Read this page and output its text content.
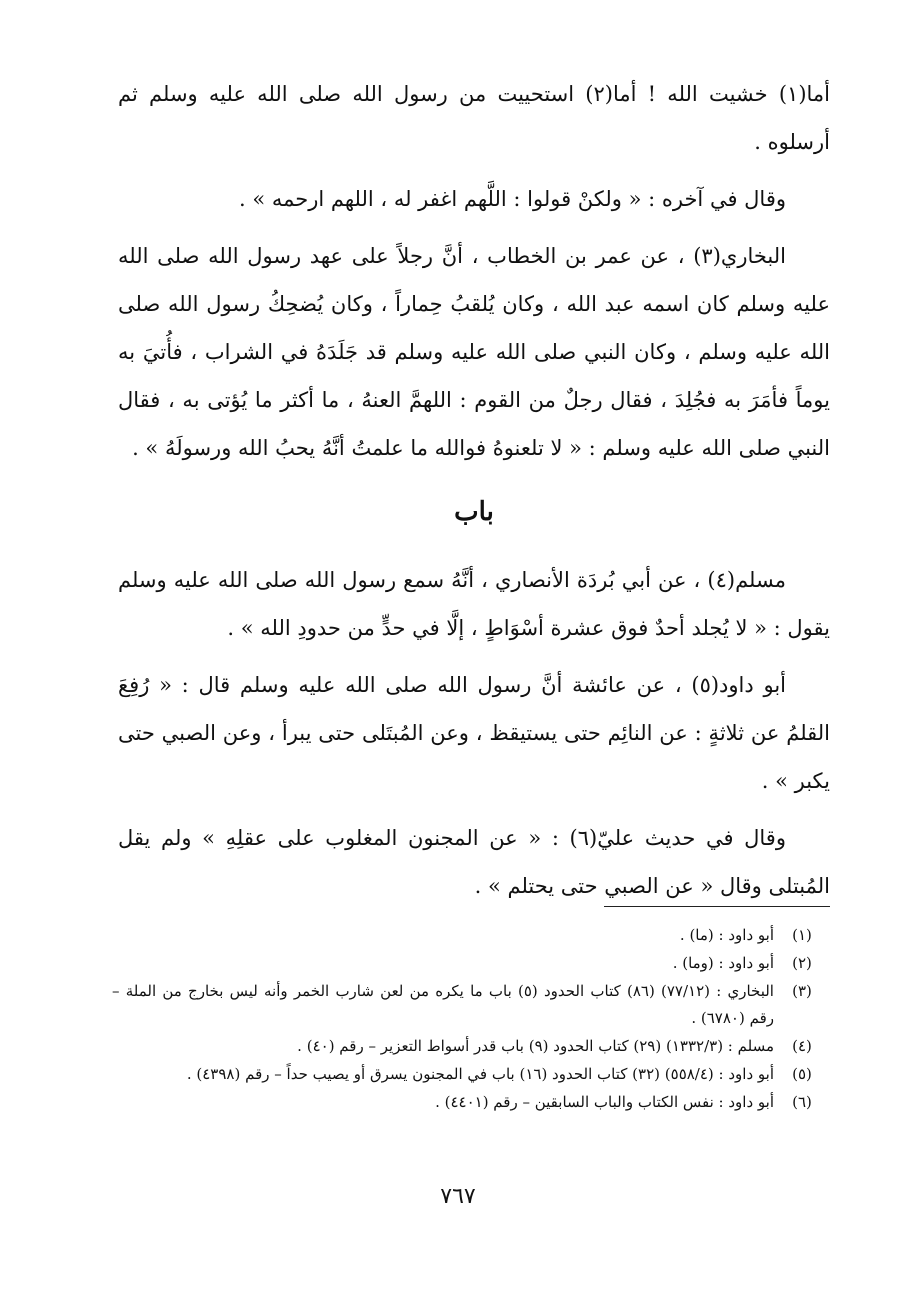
أما(١) خشيت الله ! أما(٢) استحييت من رسول الله صلى الله عليه وسلم ثم أرسلوه .

وقال في آخره : « ولكنْ قولوا : اللَّهم اغفر له ، اللهم ارحمه » .

البخاري(٣) ، عن عمر بن الخطاب ، أنَّ رجلاً على عهد رسول الله صلى الله عليه وسلم كان اسمه عبد الله ، وكان يُلقبُ حِماراً ، وكان يُضحِكُ رسول الله صلى الله عليه وسلم ، وكان النبي صلى الله عليه وسلم قد جَلَدَهُ في الشراب ، فأُتيَ به يوماً فأمَرَ به فجُلِدَ ، فقال رجلٌ من القوم : اللهمَّ العنهُ ، ما أكثر ما يُؤتى به ، فقال النبي صلى الله عليه وسلم : « لا تلعنوهُ فوالله ما علمتُ أنَّهُ يحبُ الله ورسولَهُ » .

باب

مسلم(٤) ، عن أبي بُردَة الأنصاري ، أنَّهُ سمع رسول الله صلى الله عليه وسلم يقول : « لا يُجلد أحدٌ فوق عشرة أسْوَاطٍ ، إلَّا في حدٍّ من حدودِ الله » .

أبو داود(٥) ، عن عائشة أنَّ رسول الله صلى الله عليه وسلم قال : « رُفِعَ القلمُ عن ثلاثةٍ : عن النائِم حتى يستيقظ ، وعن المُبتَلى حتى يبرأ ، وعن الصبي حتى يكبر » .

وقال في حديث عليّ(٦) : « عن المجنون المغلوب على عقلِهِ » ولم يقل المُبتلى وقال « عن الصبي حتى يحتلم » .

(١)
أبو داود : (ما) .
(٢)
أبو داود : (وما) .
(٣)
البخاري : (٧٧/١٢) (٨٦) كتاب الحدود (٥) باب ما يكره من لعن شارب الخمر وأنه ليس بخارج من الملة – رقم (٦٧٨٠) .
(٤)
مسلم : (١٣٣٢/٣) (٢٩) كتاب الحدود (٩) باب قدر أسواط التعزير – رقم (٤٠) .
(٥)
أبو داود : (٥٥٨/٤) (٣٢) كتاب الحدود (١٦) باب في المجنون يسرق أو يصيب حداً – رقم (٤٣٩٨) .
(٦)
أبو داود : نفس الكتاب والباب السابقين – رقم (٤٤٠١) .
٧٦٧
